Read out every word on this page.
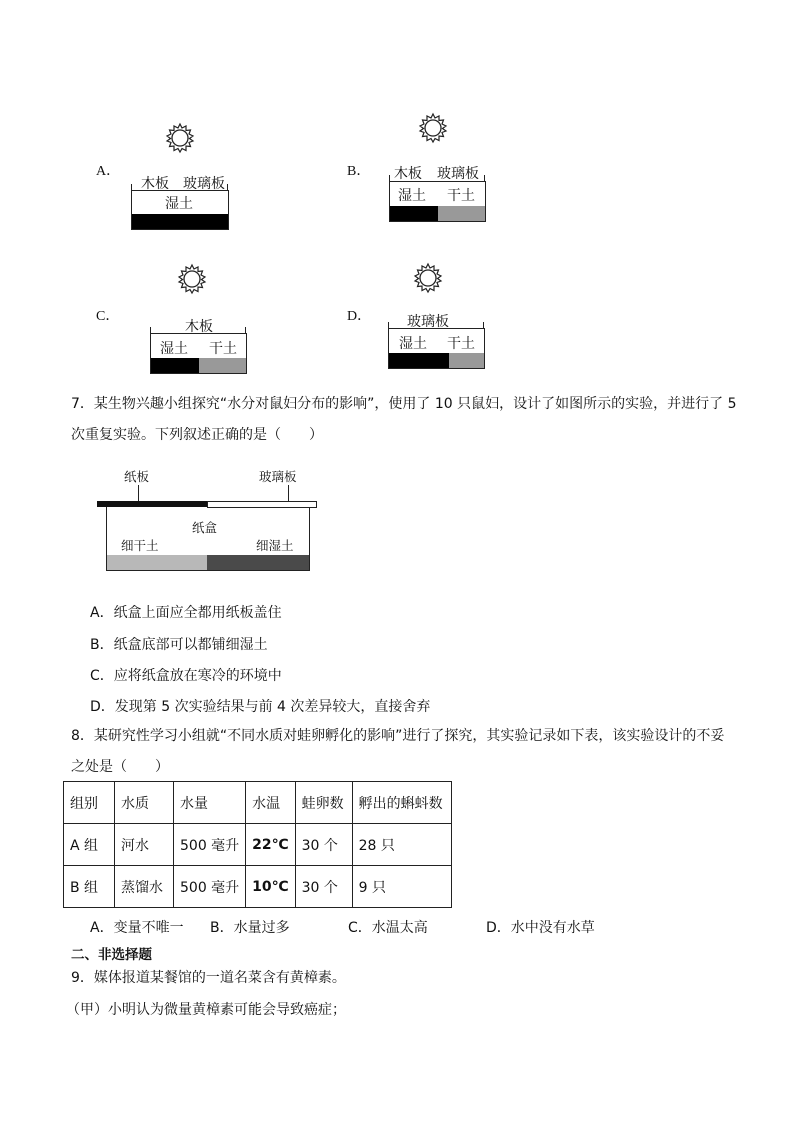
A．
木板 玻璃板
湿土
B． 木板 玻璃板
湿土 干土
C．
木板
湿土 干土
D．	玻璃板
湿土 干土
7．某生物兴趣小组探究“水分对鼠妇分布的影响”，使用了 10 只鼠妇，设计了如图所示的实验，并进行了 5
次重复实验。下列叙述正确的是（　　）
纸板	玻璃板
纸盒
细干土	细湿土
A．纸盒上面应全都用纸板盖住
B．纸盒底部可以都铺细湿土
C．应将纸盒放在寒冷的环境中
D．发现第 5 次实验结果与前 4 次差异较大，直接舍弃
8．某研究性学习小组就“不同水质对蛙卵孵化的影响”进行了探究，其实验记录如下表，该实验设计的不妥
之处是（　　）
组别	水质	水量	水温	蛙卵数	孵出的蝌蚪数
A 组	河水	500 毫升	22℃	30 个	28 只
B 组	蒸馏水	500 毫升	10℃	30 个	9 只
A．变量不唯一 B．水量过多	C．水温太高	D．水中没有水草
二、非选择题
9．媒体报道某餐馆的一道名菜含有黄樟素。
（甲）小明认为微量黄樟素可能会导致癌症；
